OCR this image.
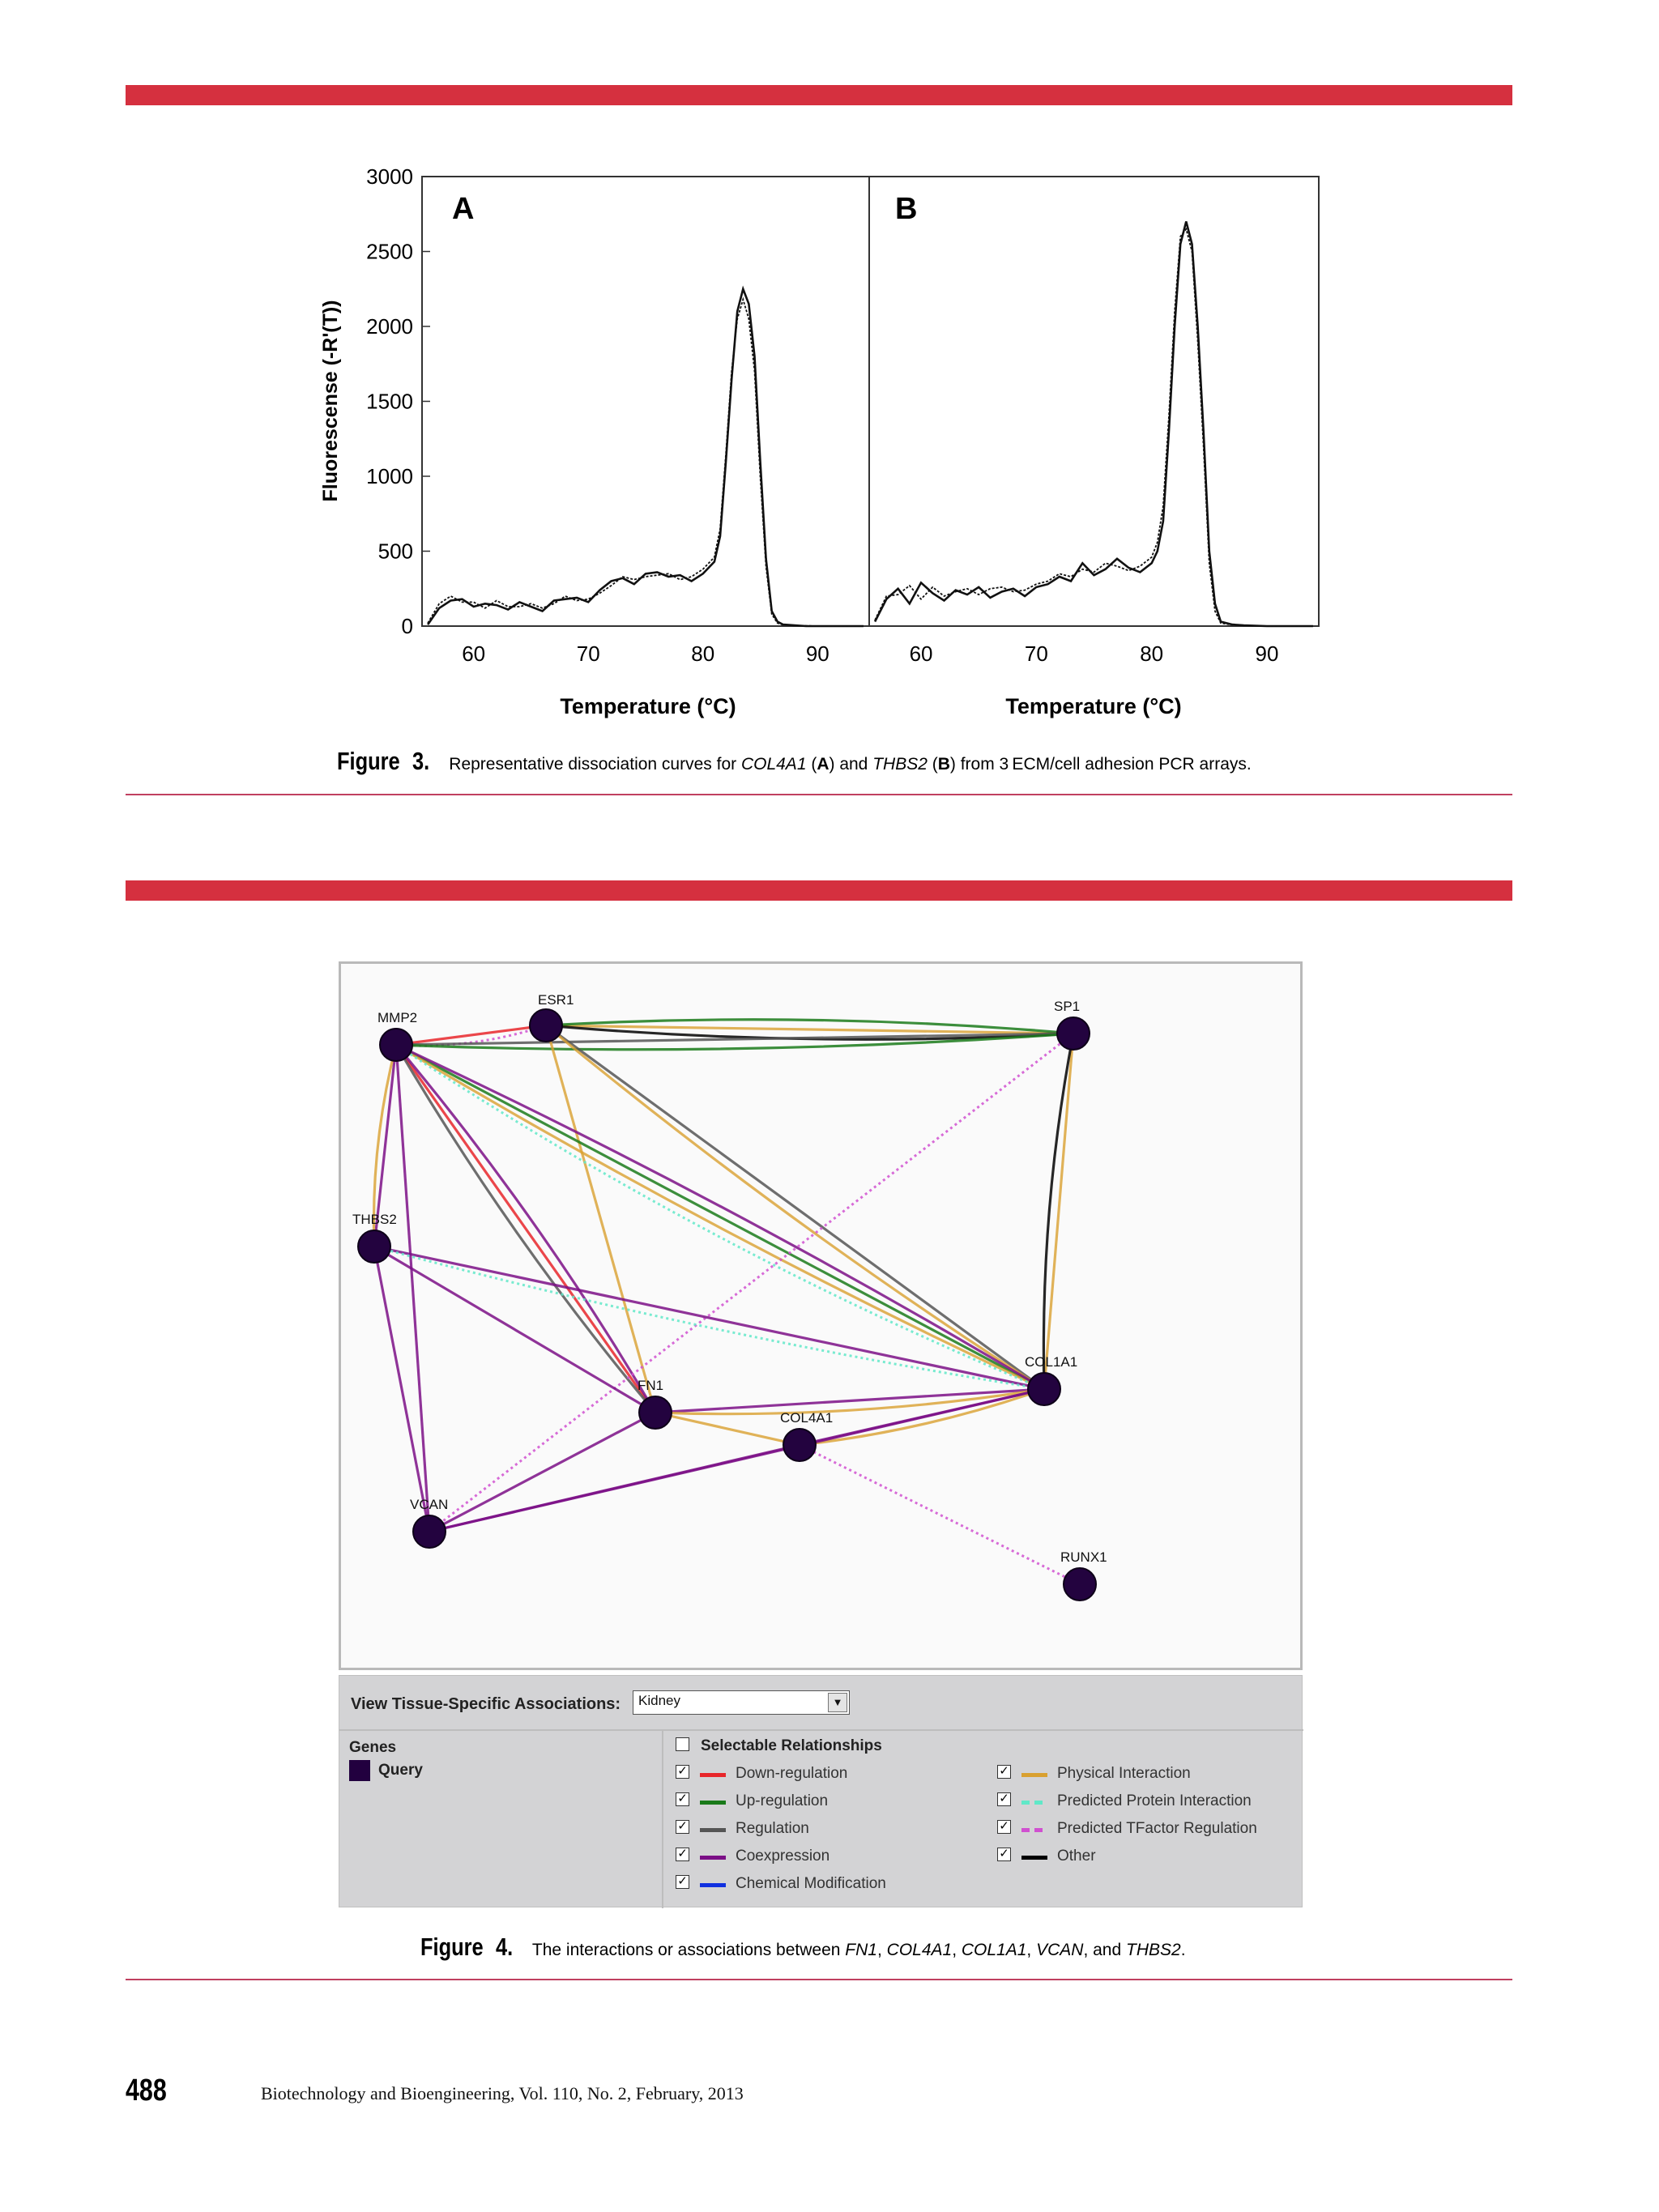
Fluorescense (-R'(T))
3000
2500
2000
1500
1000
500
0
60	70	80	90	60	70	80	90
A	B
Temperature (°C)	Temperature (°C)
Figure 3. Representative dissociation curves for COL4A1 (A) and THBS2 (B) from 3 ECM/cell adhesion PCR arrays.
ESR1
MMP2
SP1
THBS2
COL1A1
FN1
COL4A1
VCAN
RUNX1
View Tissue-Specific Associations:	Kidney	▼
Genes
Query
Selectable Relationships
✓	Down-regulation
✓	Up-regulation
✓	Regulation
✓	Coexpression
✓	Chemical Modification
✓	Physical Interaction
✓	Predicted Protein Interaction
✓	Predicted TFactor Regulation
✓	Other
Figure 4. The interactions or associations between FN1, COL4A1, COL1A1, VCAN, and THBS2.
488	Biotechnology and Bioengineering, Vol. 110, No. 2, February, 2013
